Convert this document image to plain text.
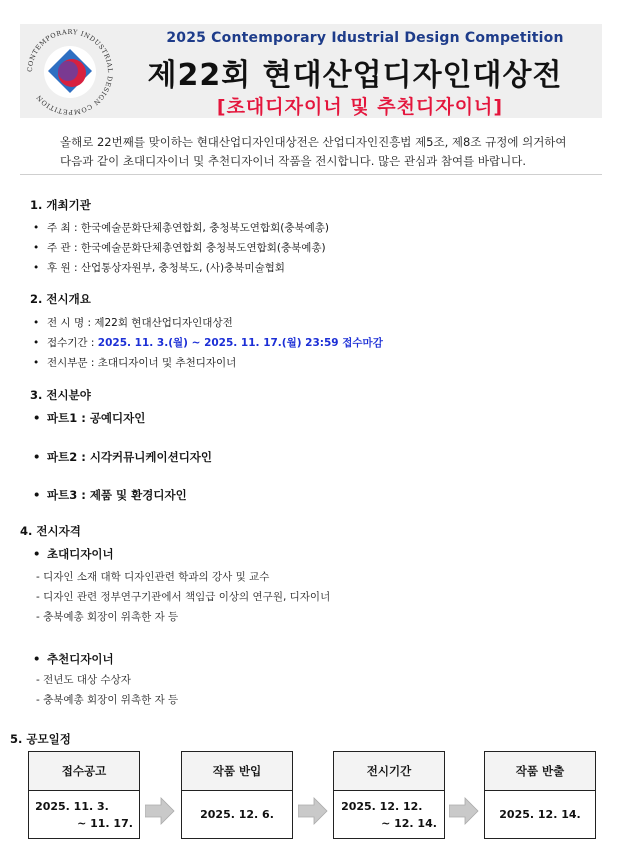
CONTEMPORARY INDUSTRIAL DESIGN COMPETITION
2025 Contemporary Idustrial Design Competition
제22회 현대산업디자인대상전
[초대디자이너 및 추천디자이너]
올해로 22번째를 맞이하는 현대산업디자인대상전은 산업디자인진흥법 제5조, 제8조 규정에 의거하여
다음과 같이 초대디자이너 및 추천디자이너 작품을 전시합니다. 많은 관심과 참여를 바랍니다.
1. 개최기관
• 주 최 : 한국예술문화단체총연합회, 충청북도연합회(충북예총)
• 주 관 : 한국예술문화단체총연합회 충청북도연합회(충북예총)
• 후 원 : 산업통상자원부, 충청북도, (사)충북미술협회
2. 전시개요
• 전 시 명 : 제22회 현대산업디자인대상전
• 접수기간 : 2025. 11. 3.(월) ~ 2025. 11. 17.(월) 23:59 접수마감
• 전시부문 : 초대디자이너 및 추천디자이너
3. 전시분야
• 파트1 : 공예디자인
• 파트2 : 시각커뮤니케이션디자인
• 파트3 : 제품 및 환경디자인
4. 전시자격
• 초대디자이너
- 디자인 소재 대학 디자인관련 학과의 강사 및 교수
- 디자인 관련 정부연구기관에서 책임급 이상의 연구원, 디자이너
- 충북예총 회장이 위촉한 자 등
• 추천디자이너
- 전년도 대상 수상자
- 충북예총 회장이 위촉한 자 등
5. 공모일정
접수공고
2025. 11. 3.
~ 11. 17.
작품 반입
2025. 12. 6.
전시기간
2025. 12. 12.
~ 12. 14.
작품 반출
2025. 12. 14.
